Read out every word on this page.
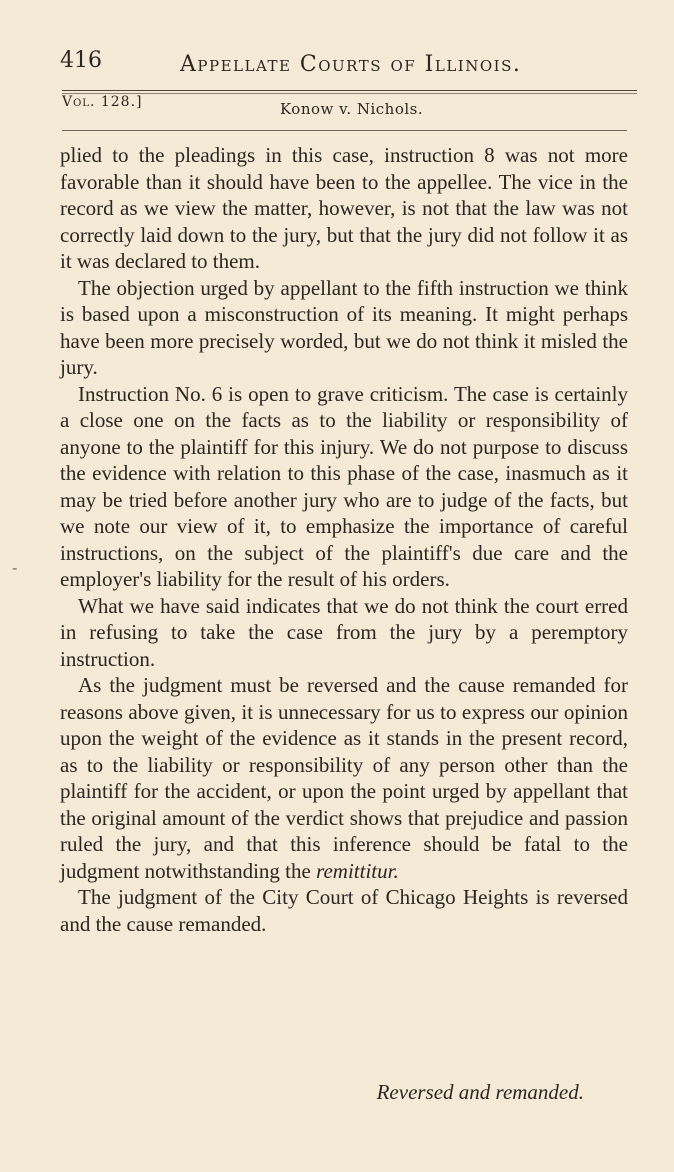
416	Appellate Courts of Illinois.
Vol. 128.]	Konow v. Nichols.
-

plied to the pleadings in this case, instruction 8 was not more favorable than it should have been to the appellee. The vice in the record as we view the matter, however, is not that the law was not correctly laid down to the jury, but that the jury did not follow it as it was declared to them.

The objection urged by appellant to the fifth instruction we think is based upon a misconstruction of its meaning. It might perhaps have been more precisely worded, but we do not think it misled the jury.

Instruction No. 6 is open to grave criticism. The case is certainly a close one on the facts as to the liability or responsibility of anyone to the plaintiff for this injury. We do not purpose to discuss the evidence with relation to this phase of the case, inasmuch as it may be tried before another jury who are to judge of the facts, but we note our view of it, to emphasize the importance of careful instructions, on the subject of the plaintiff's due care and the employer's liability for the result of his orders.

What we have said indicates that we do not think the court erred in refusing to take the case from the jury by a peremptory instruction.

As the judgment must be reversed and the cause remanded for reasons above given, it is unnecessary for us to express our opinion upon the weight of the evidence as it stands in the present record, as to the liability or responsibility of any person other than the plaintiff for the accident, or upon the point urged by appellant that the original amount of the verdict shows that prejudice and passion ruled the jury, and that this inference should be fatal to the judgment notwithstanding the remittitur.

The judgment of the City Court of Chicago Heights is reversed and the cause remanded.

Reversed and remanded.
